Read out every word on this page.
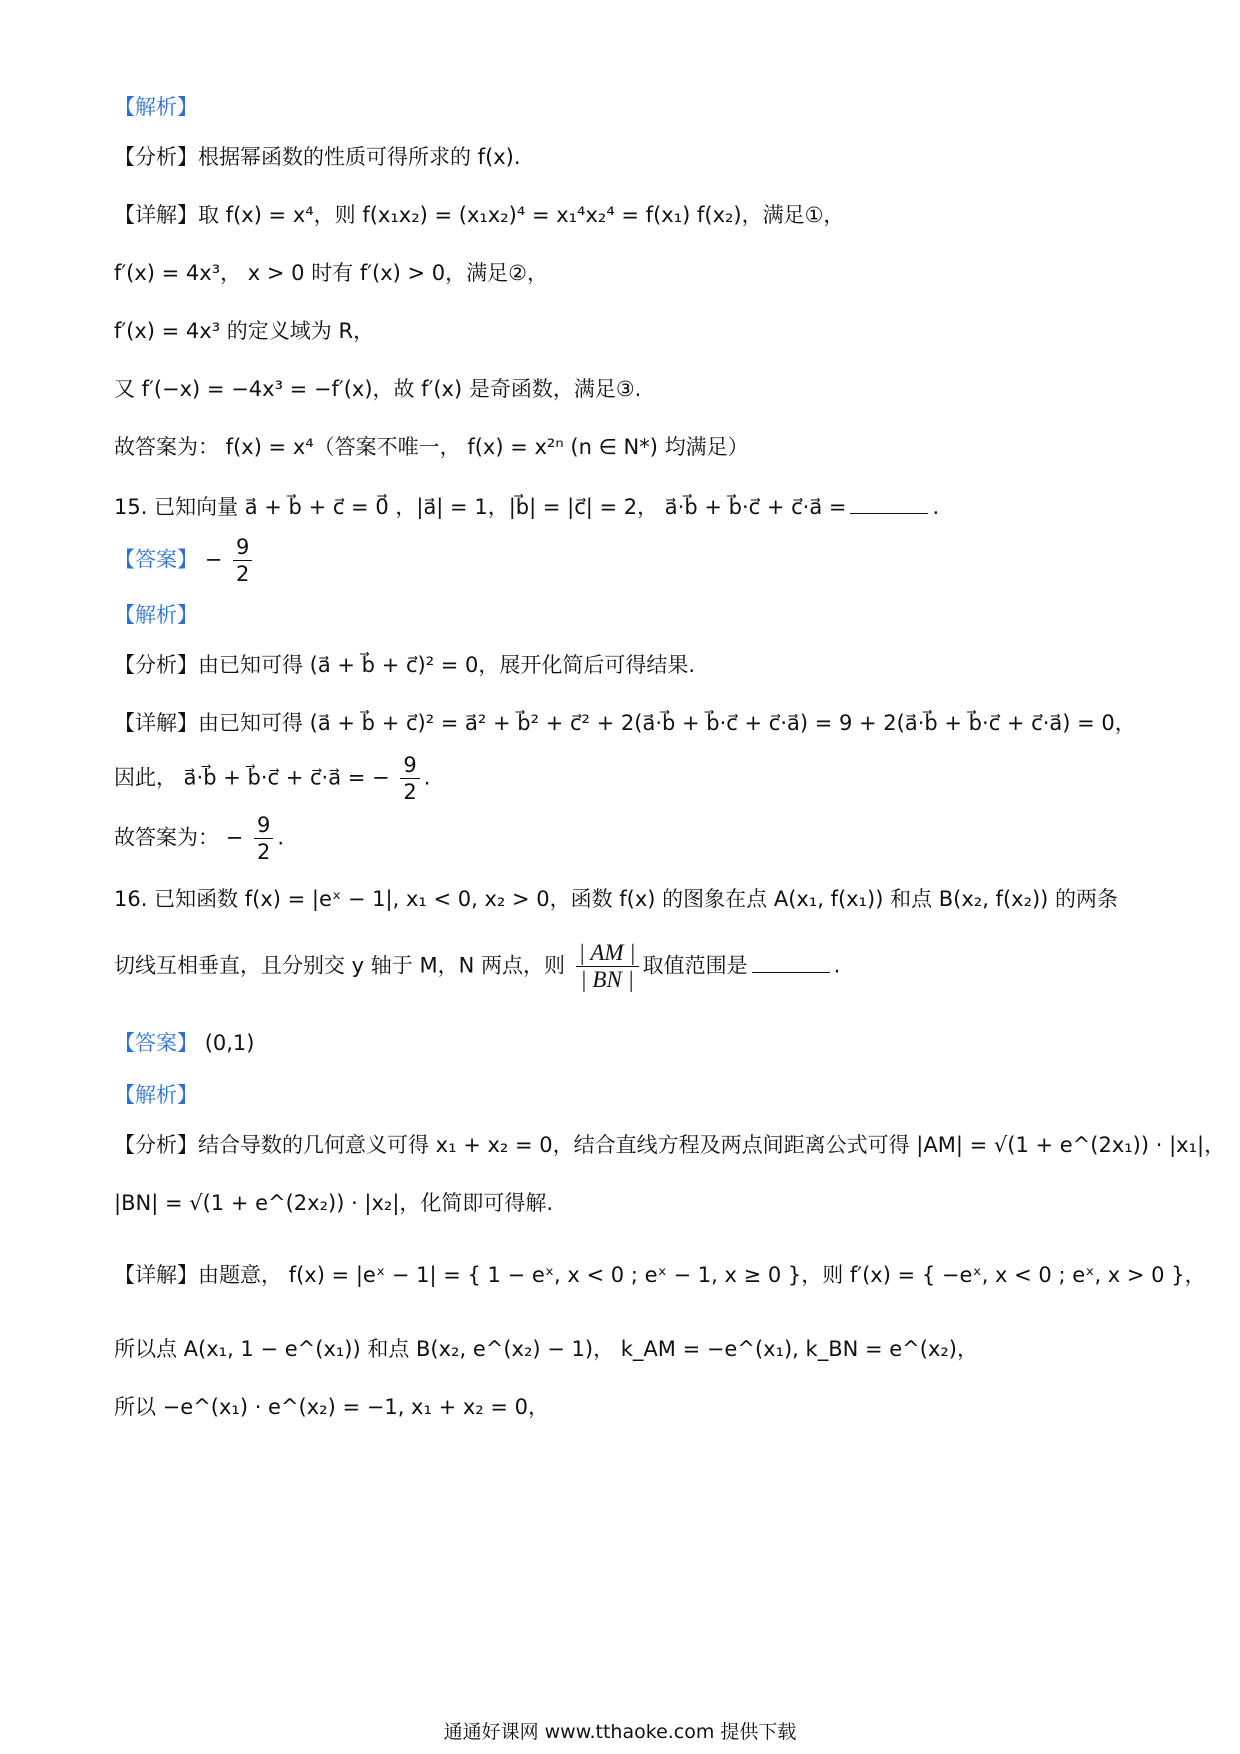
【解析】
【分析】根据幂函数的性质可得所求的 f(x).
【详解】取 f(x) = x⁴，则 f(x₁x₂) = (x₁x₂)⁴ = x₁⁴x₂⁴ = f(x₁) f(x₂)，满足①，
f′(x) = 4x³， x > 0 时有 f′(x) > 0，满足②，
f′(x) = 4x³ 的定义域为 R，
又 f′(−x) = −4x³ = −f′(x)，故 f′(x) 是奇函数，满足③.
故答案为： f(x) = x⁴（答案不唯一， f(x) = x²ⁿ (n ∈ N*) 均满足）
15. 已知向量 a⃗ + b⃗ + c⃗ = 0⃗ ，|a⃗| = 1，|b⃗| = |c⃗| = 2， a⃗·b⃗ + b⃗·c⃗ + c⃗·a⃗ =	.
【答案】 − $\frac{9}{2}$
【解析】
【分析】由已知可得 (a⃗ + b⃗ + c⃗)² = 0，展开化简后可得结果.
【详解】由已知可得 (a⃗ + b⃗ + c⃗)² = a⃗² + b⃗² + c⃗² + 2(a⃗·b⃗ + b⃗·c⃗ + c⃗·a⃗) = 9 + 2(a⃗·b⃗ + b⃗·c⃗ + c⃗·a⃗) = 0，
因此， a⃗·b⃗ + b⃗·c⃗ + c⃗·a⃗ = − $\frac{9}{2}$ .
故答案为： − $\frac{9}{2}$ .
16. 已知函数 f(x) = |eˣ − 1|, x₁ < 0, x₂ > 0，函数 f(x) 的图象在点 A(x₁, f(x₁)) 和点 B(x₂, f(x₂)) 的两条
切线互相垂直，且分别交 y 轴于 M，N 两点，则 $\frac{| AM |}{| BN |}$ 取值范围是	.
【答案】 (0,1)
【解析】
【分析】结合导数的几何意义可得 x₁ + x₂ = 0，结合直线方程及两点间距离公式可得 |AM| = √(1 + e^(2x₁)) · |x₁|，
|BN| = √(1 + e^(2x₂)) · |x₂|，化简即可得解.
【详解】由题意， f(x) = |eˣ − 1| = { 1 − eˣ, x < 0 ; eˣ − 1, x ≥ 0 }，则 f′(x) = { −eˣ, x < 0 ; eˣ, x > 0 }，
所以点 A(x₁, 1 − e^(x₁)) 和点 B(x₂, e^(x₂) − 1)， k_AM = −e^(x₁), k_BN = e^(x₂)，
所以 −e^(x₁) · e^(x₂) = −1, x₁ + x₂ = 0，
通通好课网 www.tthaoke.com 提供下载
